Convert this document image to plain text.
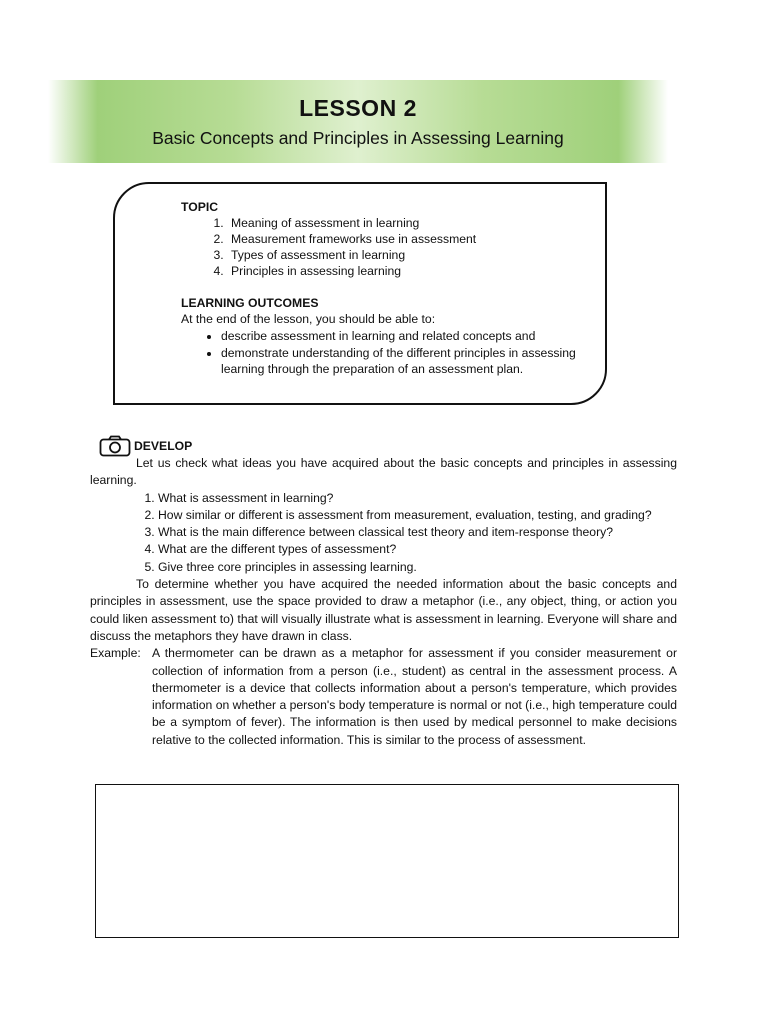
LESSON 2
Basic Concepts and Principles in Assessing Learning
TOPIC
1. Meaning of assessment in learning
2. Measurement frameworks use in assessment
3. Types of assessment in learning
4. Principles in assessing learning
LEARNING OUTCOMES
At the end of the lesson, you should be able to:
• describe assessment in learning and related concepts and
• demonstrate understanding of the different principles in assessing learning through the preparation of an assessment plan.
DEVELOP
Let us check what ideas you have acquired about the basic concepts and principles in assessing learning.
1. What is assessment in learning?
2. How similar or different is assessment from measurement, evaluation, testing, and grading?
3. What is the main difference between classical test theory and item-response theory?
4. What are the different types of assessment?
5. Give three core principles in assessing learning.
To determine whether you have acquired the needed information about the basic concepts and principles in assessment, use the space provided to draw a metaphor (i.e., any object, thing, or action you could liken assessment to) that will visually illustrate what is assessment in learning. Everyone will share and discuss the metaphors they have drawn in class.
Example: A thermometer can be drawn as a metaphor for assessment if you consider measurement or collection of information from a person (i.e., student) as central in the assessment process. A thermometer is a device that collects information about a person's temperature, which provides information on whether a person's body temperature is normal or not (i.e., high temperature could be a symptom of fever). The information is then used by medical personnel to make decisions relative to the collected information. This is similar to the process of assessment.
